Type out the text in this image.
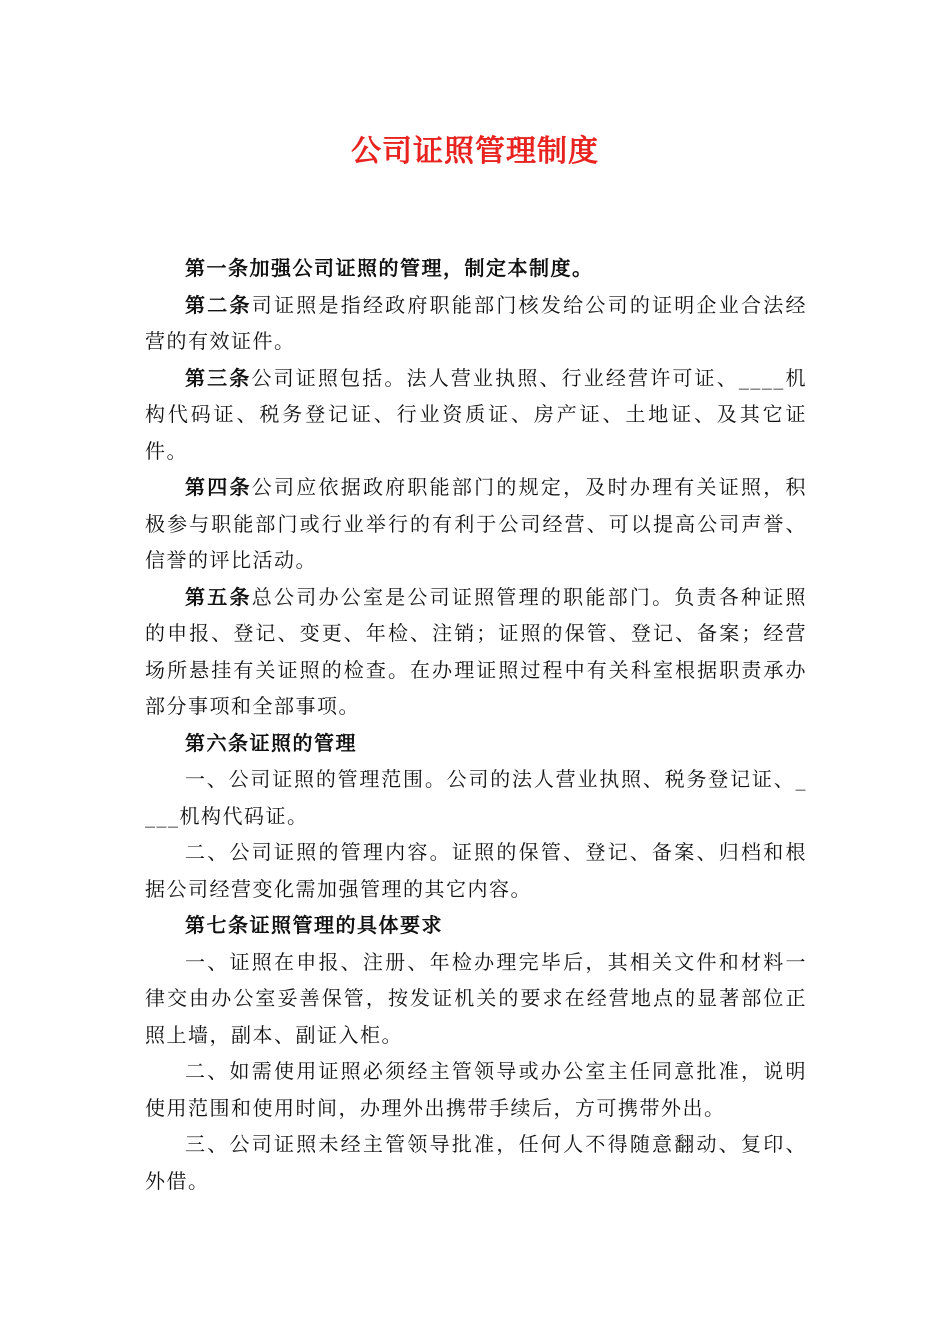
公司证照管理制度

第一条加强公司证照的管理，制定本制度。

第二条司证照是指经政府职能部门核发给公司的证明企业合法经营的有效证件。

第三条公司证照包括。法人营业执照、行业经营许可证、____机构代码证、税务登记证、行业资质证、房产证、土地证、及其它证件。

第四条公司应依据政府职能部门的规定，及时办理有关证照，积极参与职能部门或行业举行的有利于公司经营、可以提高公司声誉、信誉的评比活动。

第五条总公司办公室是公司证照管理的职能部门。负责各种证照的申报、登记、变更、年检、注销；证照的保管、登记、备案；经营场所悬挂有关证照的检查。在办理证照过程中有关科室根据职责承办部分事项和全部事项。

第六条证照的管理

一、公司证照的管理范围。公司的法人营业执照、税务登记证、____机构代码证。

二、公司证照的管理内容。证照的保管、登记、备案、归档和根据公司经营变化需加强管理的其它内容。

第七条证照管理的具体要求

一、证照在申报、注册、年检办理完毕后，其相关文件和材料一律交由办公室妥善保管，按发证机关的要求在经营地点的显著部位正照上墙，副本、副证入柜。

二、如需使用证照必须经主管领导或办公室主任同意批准，说明使用范围和使用时间，办理外出携带手续后，方可携带外出。

三、公司证照未经主管领导批准，任何人不得随意翻动、复印、外借。
